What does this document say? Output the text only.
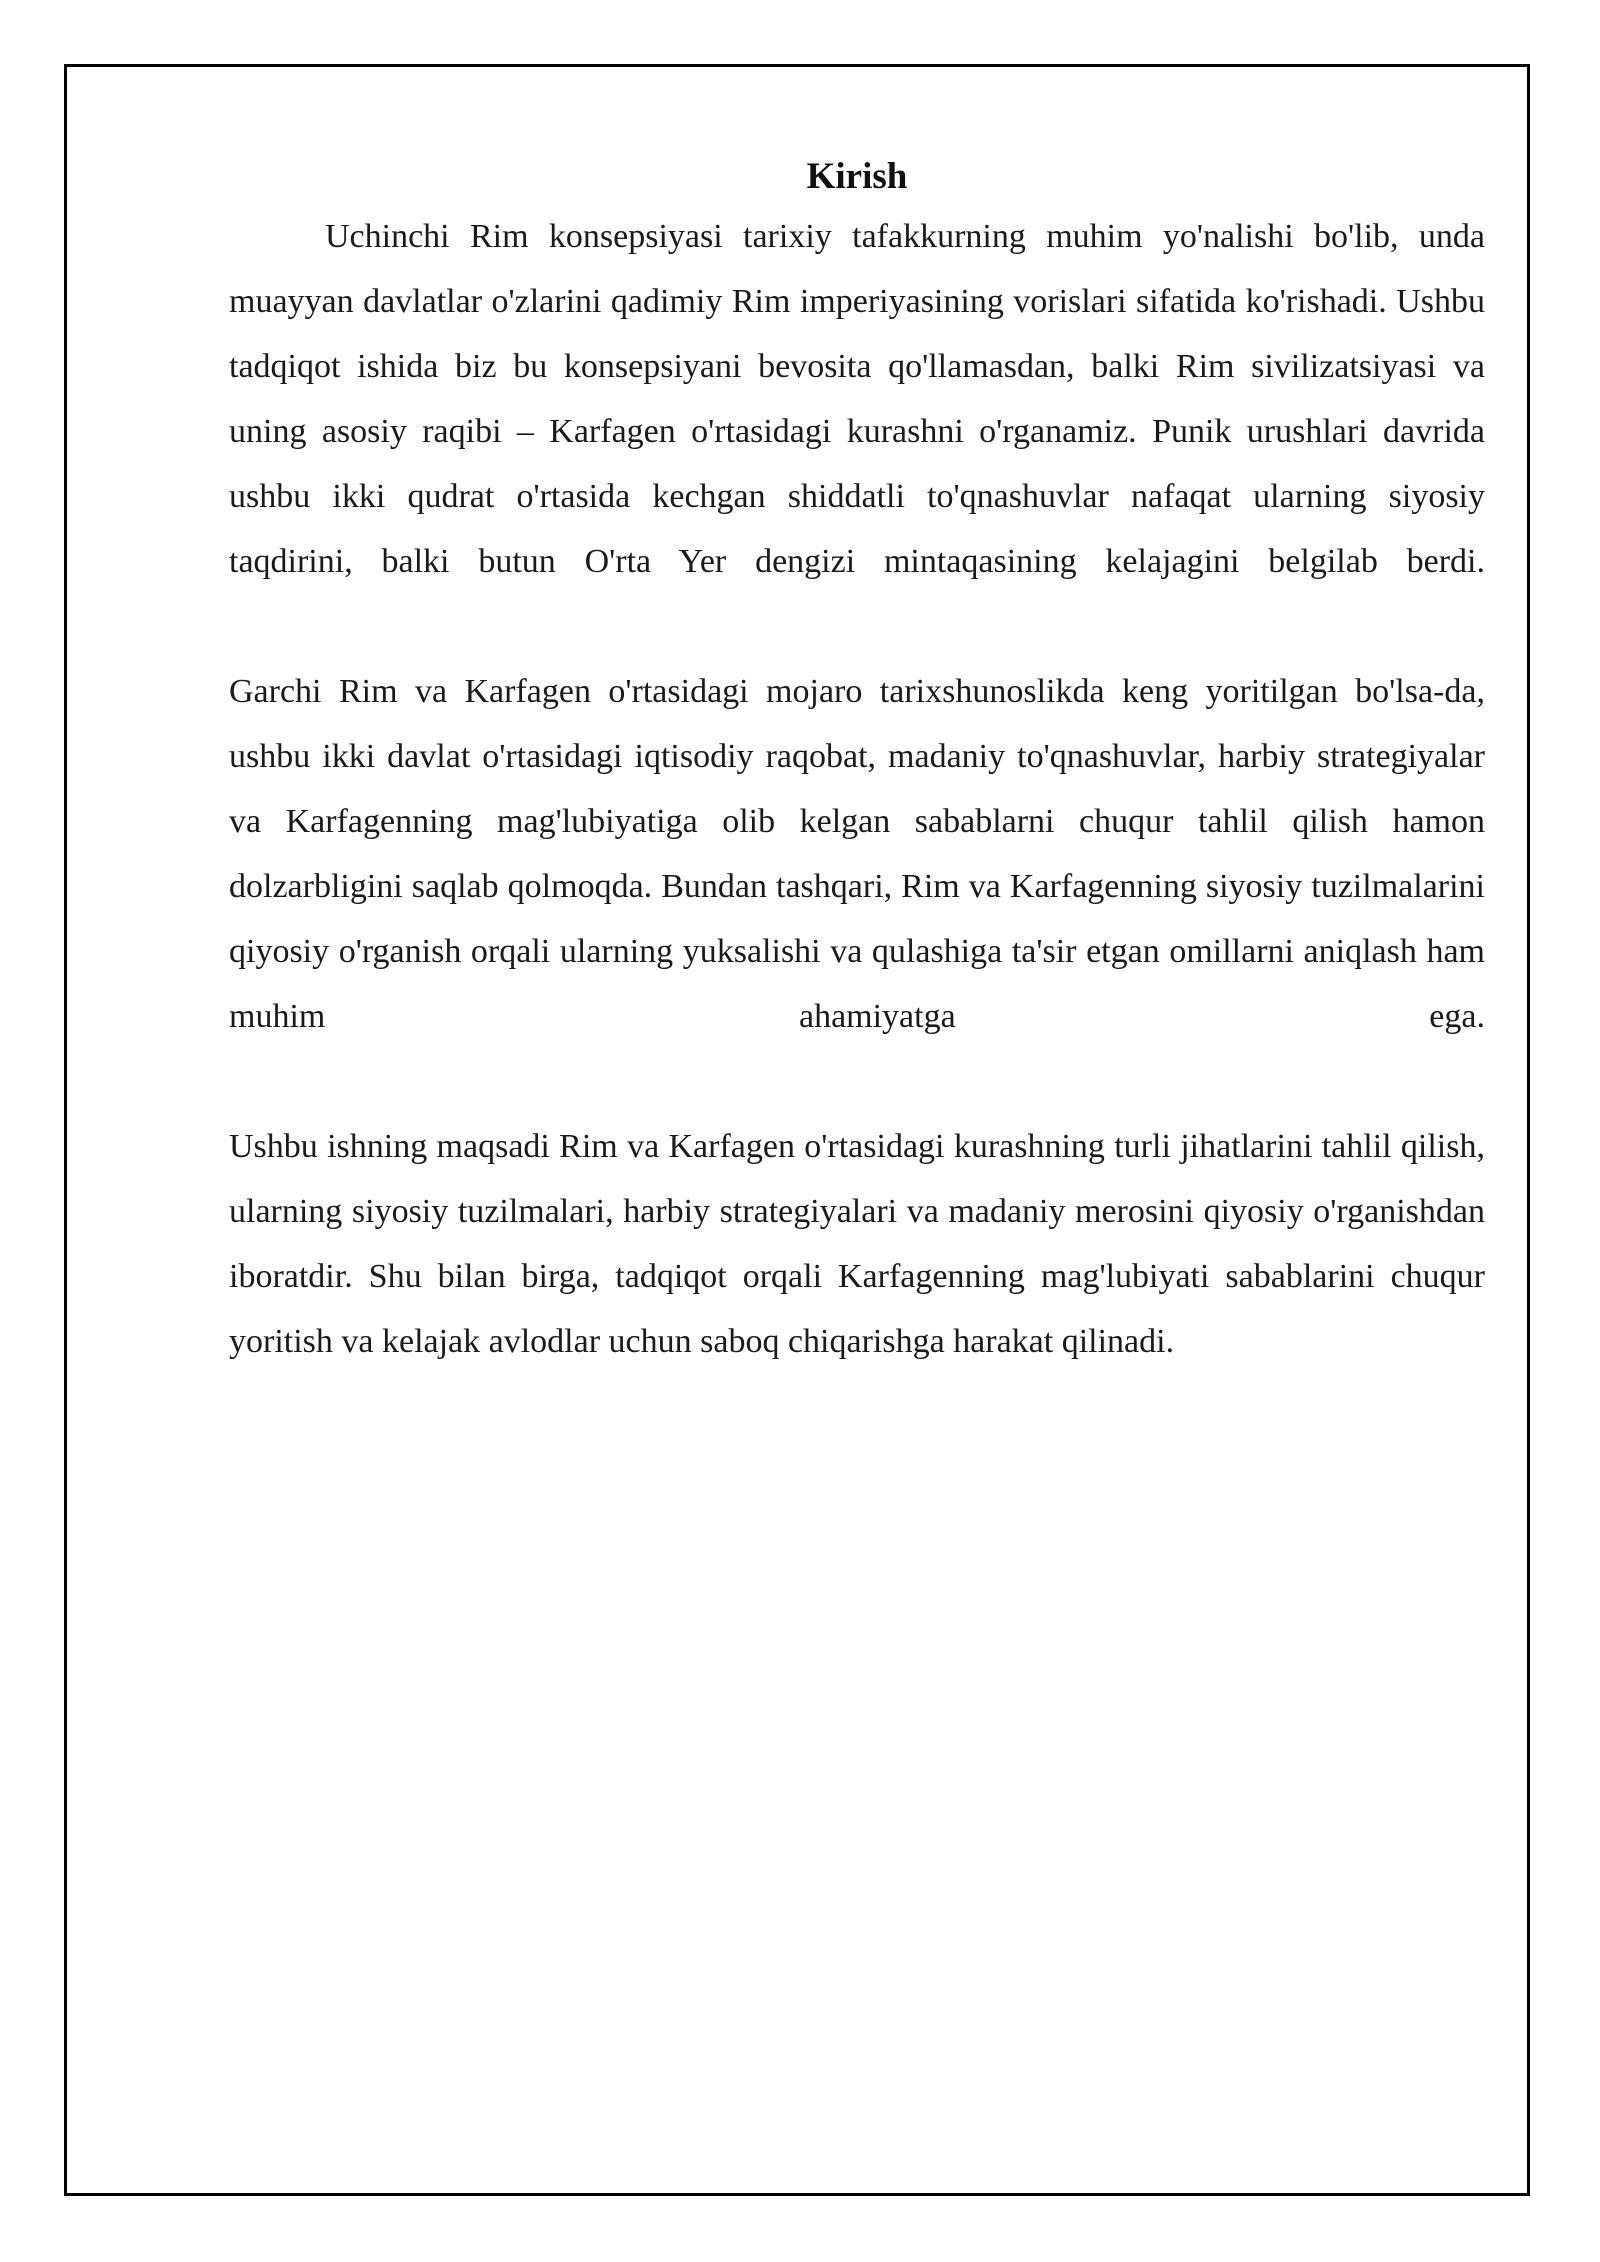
Kirish

Uchinchi Rim konsepsiyasi tarixiy tafakkurning muhim yo'nalishi bo'lib, unda muayyan davlatlar o'zlarini qadimiy Rim imperiyasining vorislari sifatida ko'rishadi. Ushbu tadqiqot ishida biz bu konsepsiyani bevosita qo'llamasdan, balki Rim sivilizatsiyasi va uning asosiy raqibi – Karfagen o'rtasidagi kurashni o'rganamiz. Punik urushlari davrida ushbu ikki qudrat o'rtasida kechgan shiddatli to'qnashuvlar nafaqat ularning siyosiy taqdirini, balki butun O'rta Yer dengizi mintaqasining kelajagini belgilab berdi.

Garchi Rim va Karfagen o'rtasidagi mojaro tarixshunoslikda keng yoritilgan bo'lsa-da, ushbu ikki davlat o'rtasidagi iqtisodiy raqobat, madaniy to'qnashuvlar, harbiy strategiyalar va Karfagenning mag'lubiyatiga olib kelgan sabablarni chuqur tahlil qilish hamon dolzarbligini saqlab qolmoqda. Bundan tashqari, Rim va Karfagenning siyosiy tuzilmalarini qiyosiy o'rganish orqali ularning yuksalishi va qulashiga ta'sir etgan omillarni aniqlash ham muhim ahamiyatga ega.

Ushbu ishning maqsadi Rim va Karfagen o'rtasidagi kurashning turli jihatlarini tahlil qilish, ularning siyosiy tuzilmalari, harbiy strategiyalari va madaniy merosini qiyosiy o'rganishdan iboratdir. Shu bilan birga, tadqiqot orqali Karfagenning mag'lubiyati sabablarini chuqur yoritish va kelajak avlodlar uchun saboq chiqarishga harakat qilinadi.
